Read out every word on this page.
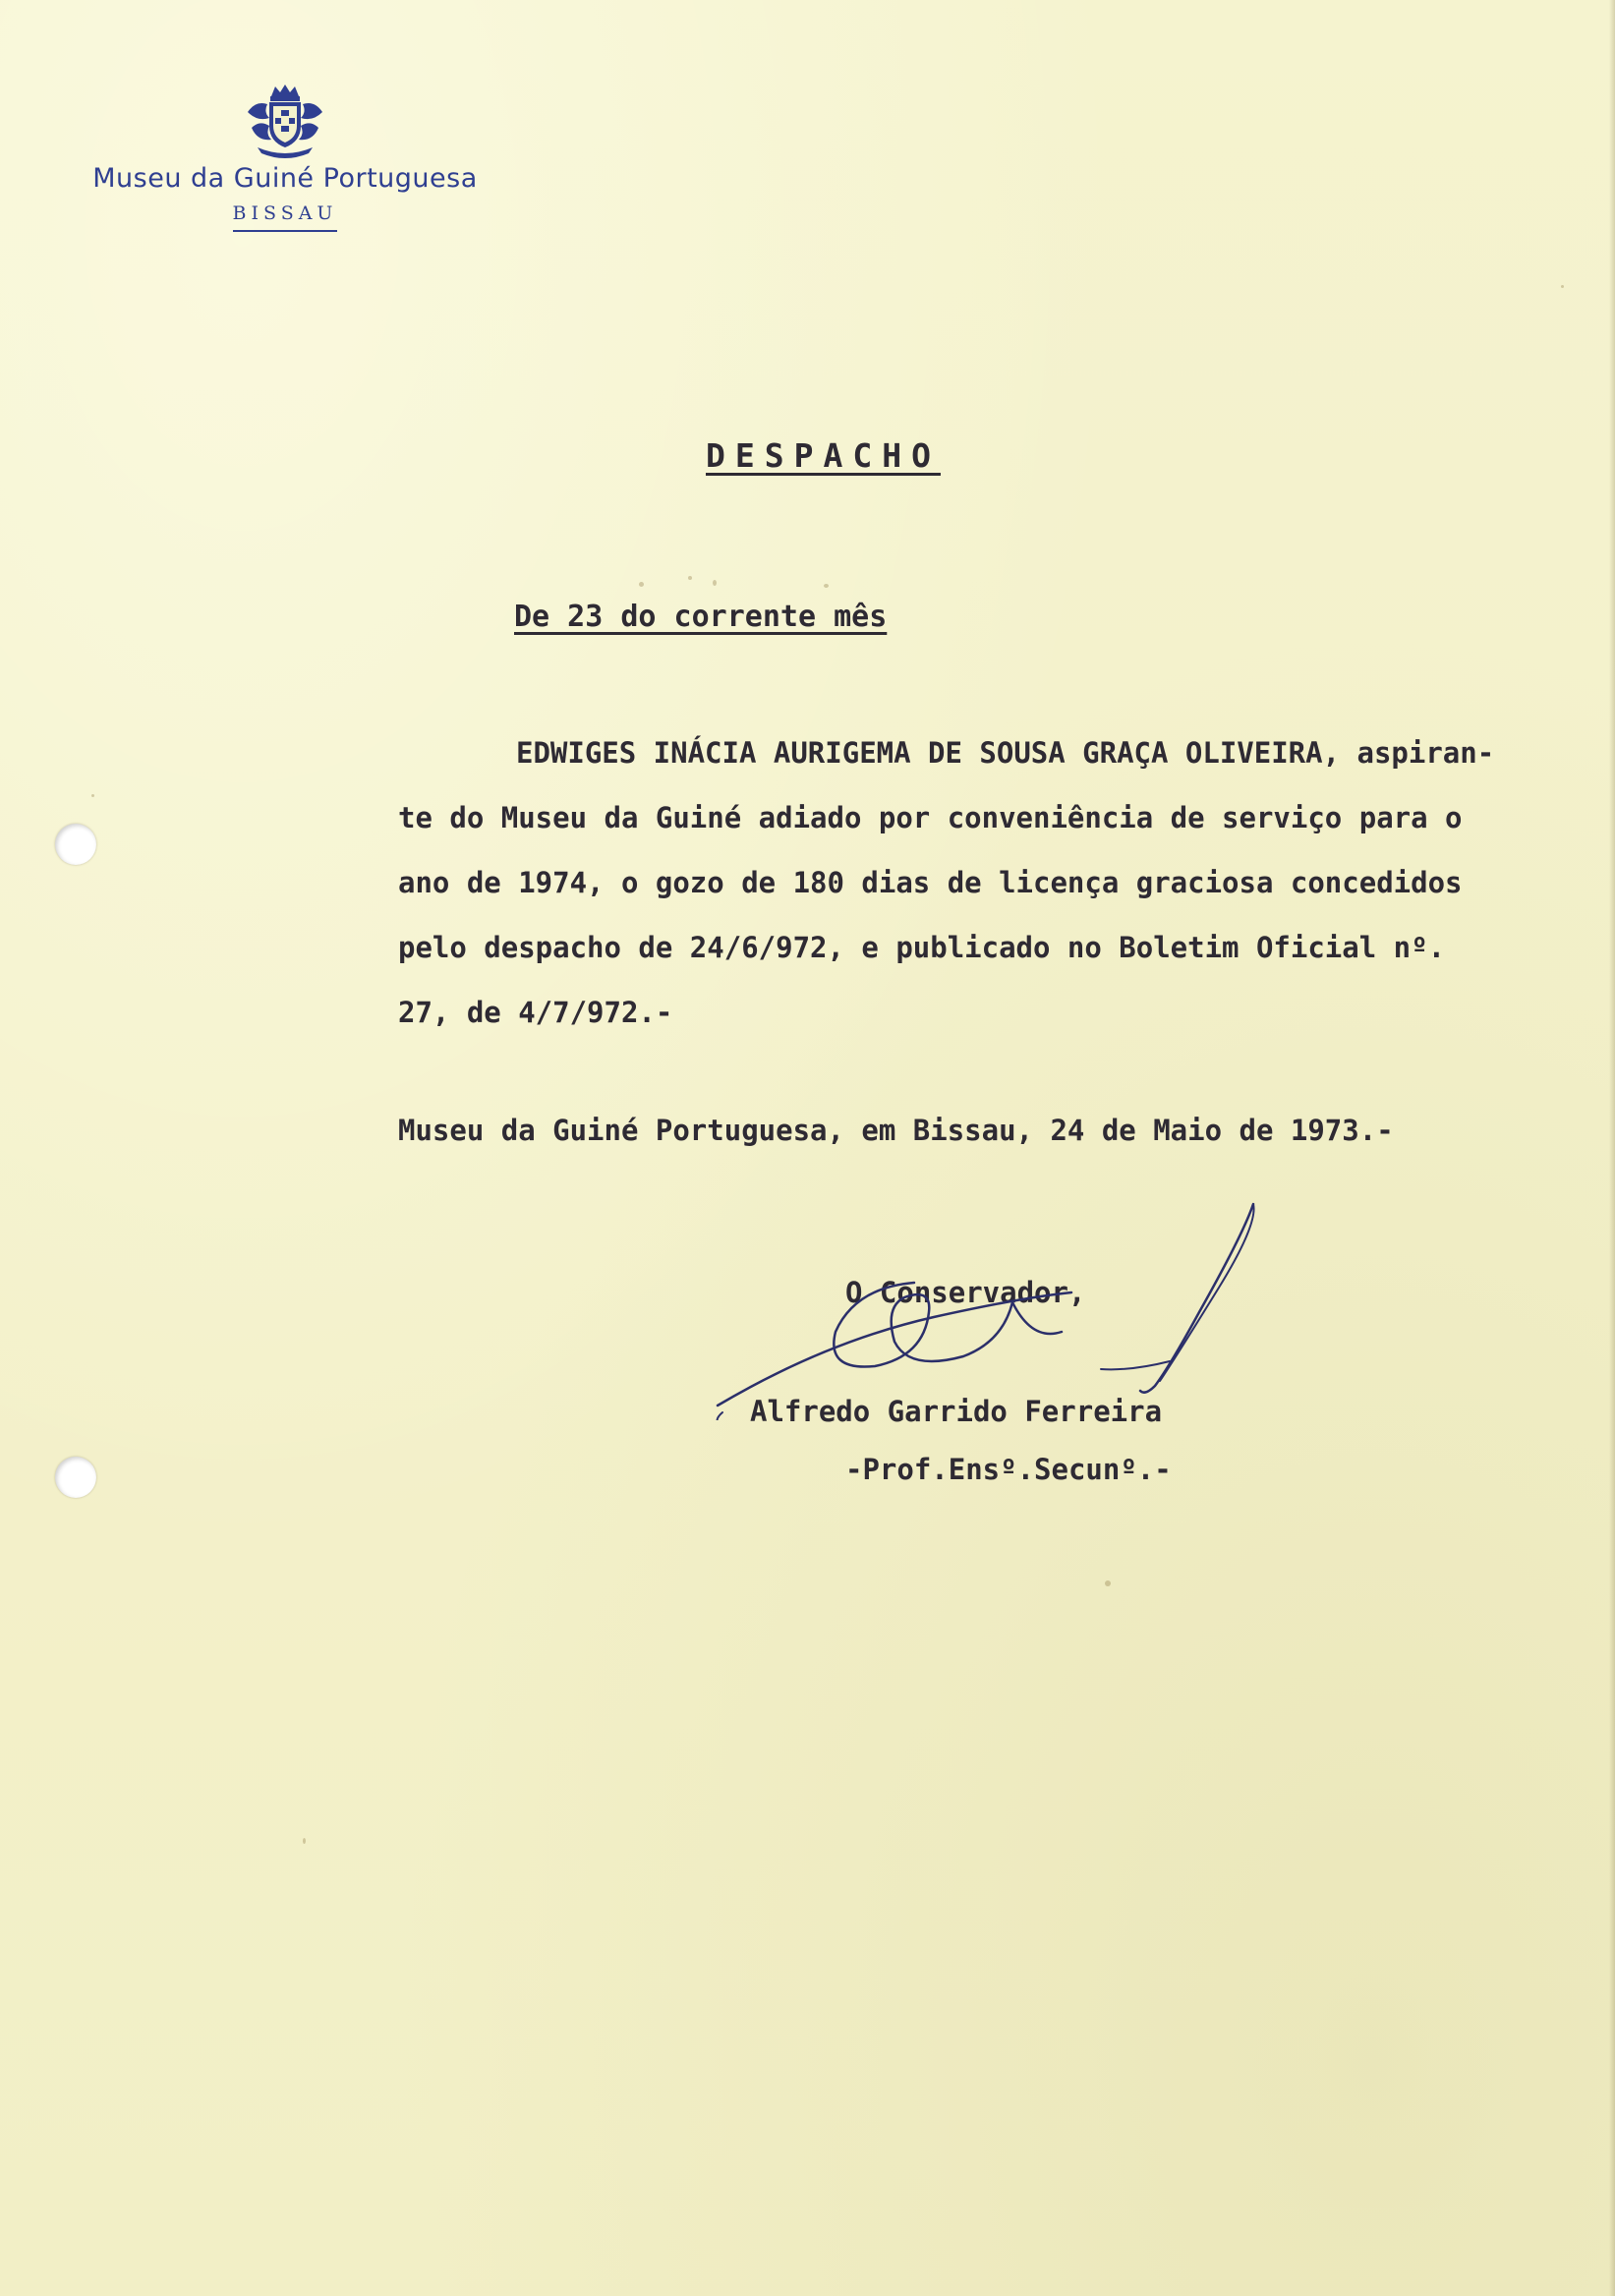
Museu da Guiné Portuguesa
BISSAU
DESPACHO
De 23 do corrente mês
EDWIGES INÁCIA AURIGEMA DE SOUSA GRAÇA OLIVEIRA, aspiran-
te do Museu da Guiné adiado por conveniência de serviço para o
ano de 1974, o gozo de 180 dias de licença graciosa concedidos
pelo despacho de 24/6/972, e publicado no Boletim Oficial nº.
27, de 4/7/972.-
Museu da Guiné Portuguesa, em Bissau, 24 de Maio de 1973.-
O Conservador,
Alfredo Garrido Ferreira
-Prof.Ensº.Secunº.-
